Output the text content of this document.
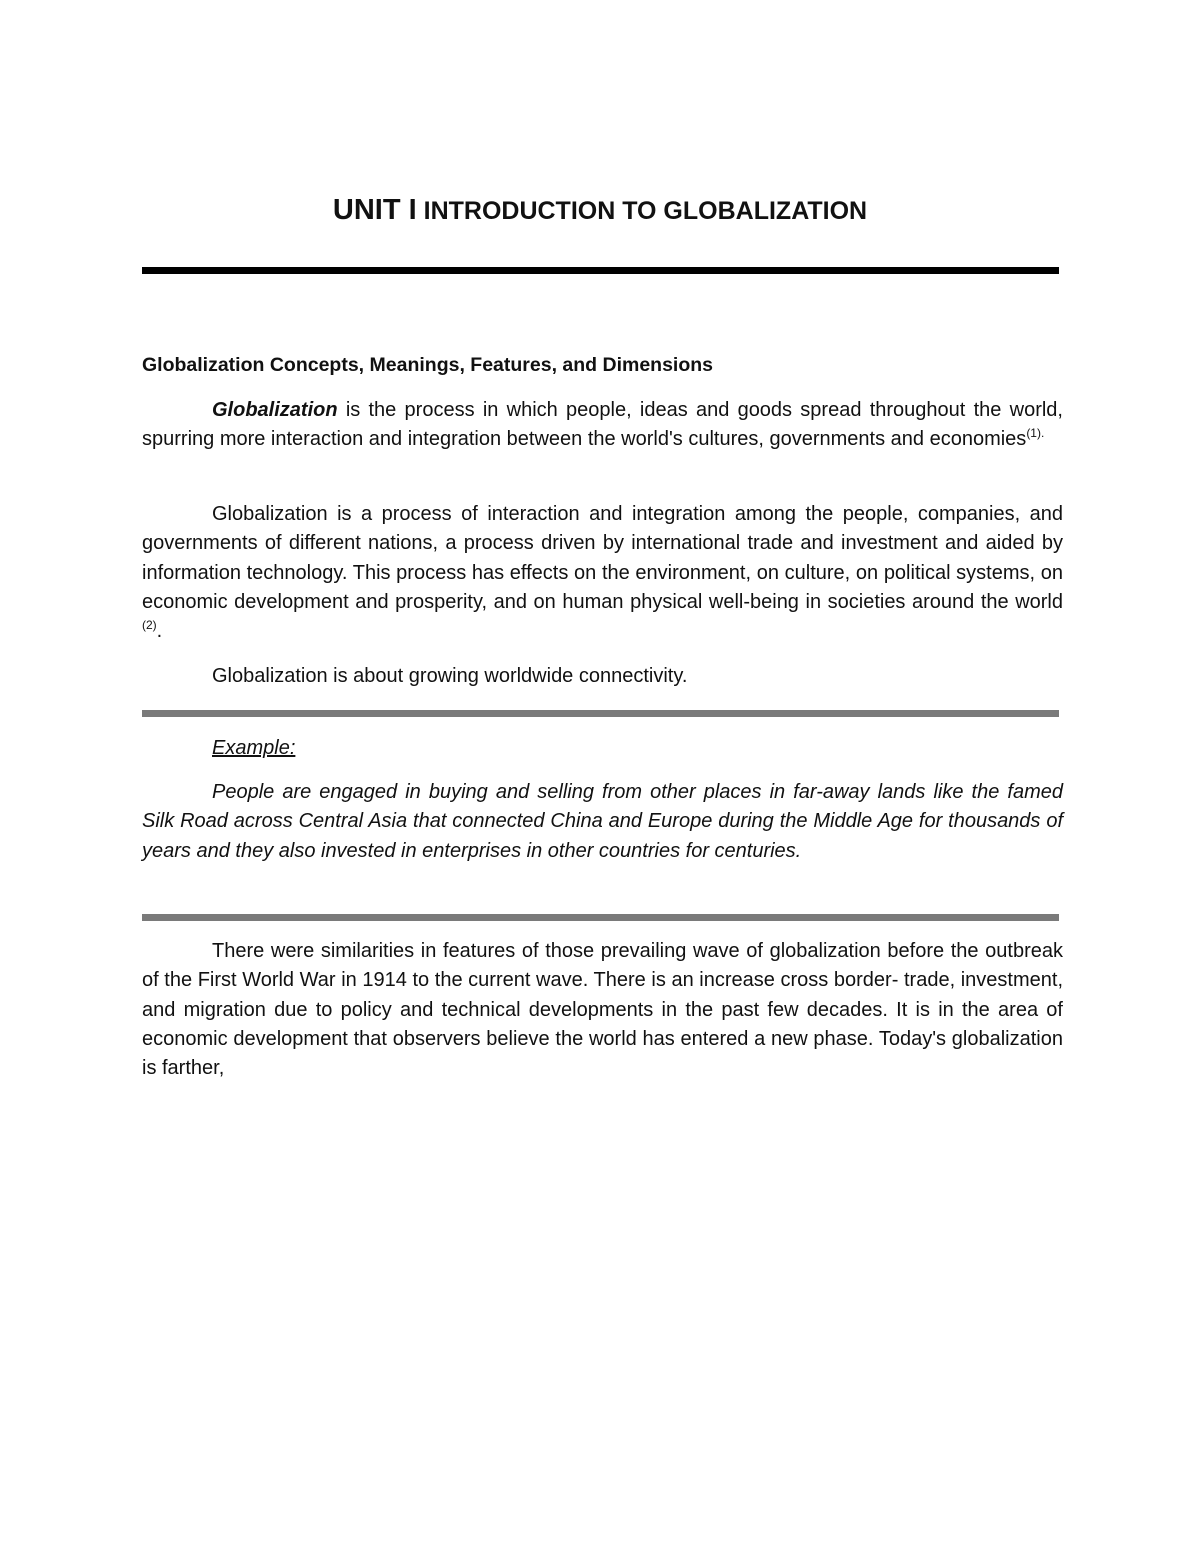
UNIT I INTRODUCTION TO GLOBALIZATION
Globalization Concepts, Meanings, Features, and Dimensions

Globalization is the process in which people, ideas and goods spread throughout the world, spurring more interaction and integration between the world's cultures, governments and economies$^{(1).}$

Globalization is a process of interaction and integration among the people, companies, and governments of different nations, a process driven by international trade and investment and aided by information technology. This process has effects on the environment, on culture, on political systems, on economic development and prosperity, and on human physical well-being in societies around the world $^{(2)}$.

Globalization is about growing worldwide connectivity.

Example:

People are engaged in buying and selling from other places in far-away lands like the famed Silk Road across Central Asia that connected China and Europe during the Middle Age for thousands of years and they also invested in enterprises in other countries for centuries.

There were similarities in features of those prevailing wave of globalization before the outbreak of the First World War in 1914 to the current wave. There is an increase cross border- trade, investment, and migration due to policy and technical developments in the past few decades. It is in the area of economic development that observers believe the world has entered a new phase. Today's globalization is farther,
